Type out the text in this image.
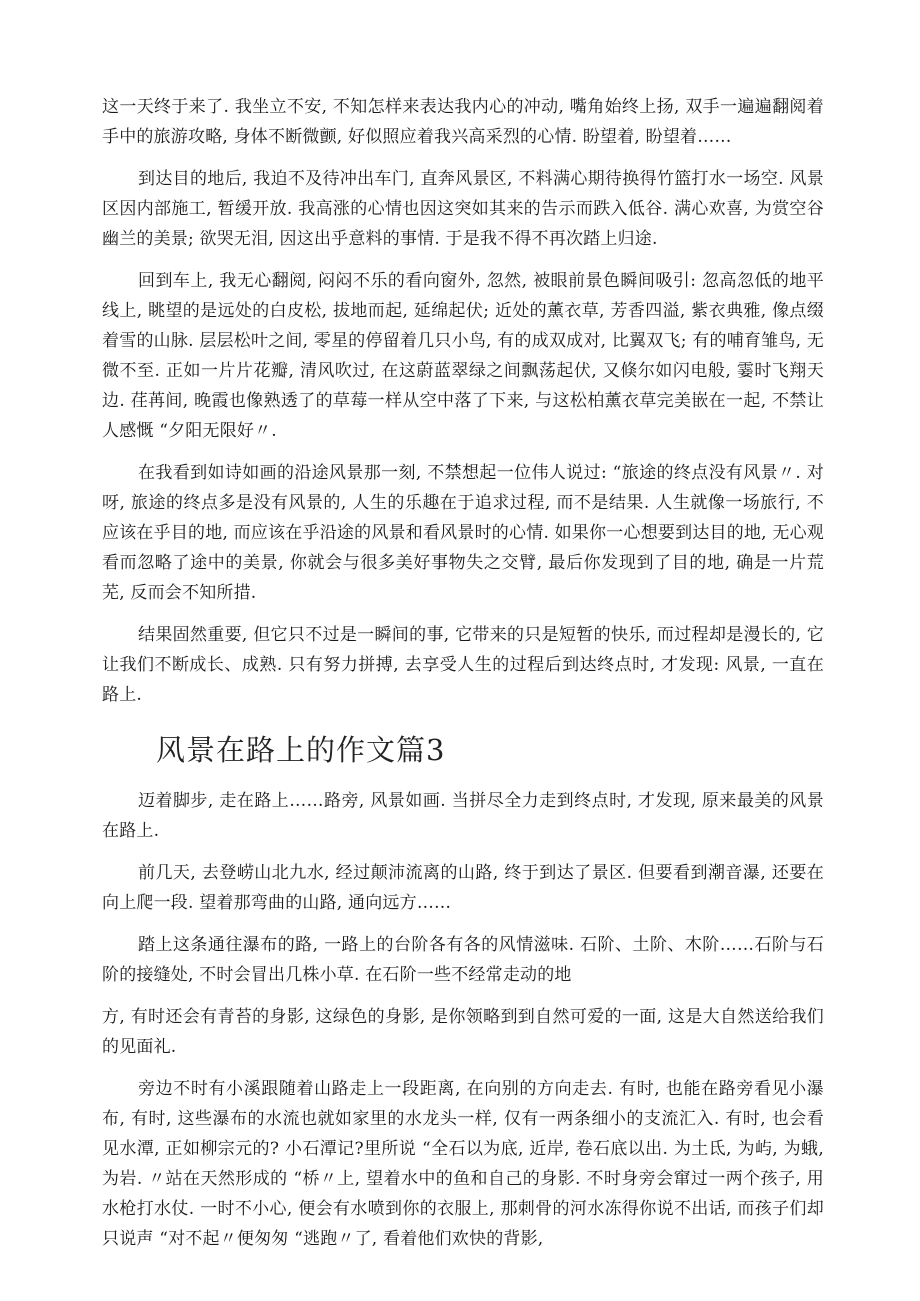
这一天终于来了. 我坐立不安, 不知怎样来表达我内心的冲动, 嘴角始终上扬, 双手一遍遍翻阅着手中的旅游攻略, 身体不断微颤, 好似照应着我兴高采烈的心情. 盼望着, 盼望着……

到达目的地后, 我迫不及待冲出车门, 直奔风景区, 不料满心期待换得竹篮打水一场空. 风景区因内部施工, 暂缓开放. 我高涨的心情也因这突如其来的告示而跌入低谷. 满心欢喜, 为赏空谷幽兰的美景; 欲哭无泪, 因这出乎意料的事情. 于是我不得不再次踏上归途.

回到车上, 我无心翻阅, 闷闷不乐的看向窗外, 忽然, 被眼前景色瞬间吸引: 忽高忽低的地平线上, 眺望的是远处的白皮松, 拔地而起, 延绵起伏; 近处的薰衣草, 芳香四溢, 紫衣典雅, 像点缀着雪的山脉. 层层松叶之间, 零星的停留着几只小鸟, 有的成双成对, 比翼双飞; 有的哺育雏鸟, 无微不至. 正如一片片花瓣, 清风吹过, 在这蔚蓝翠绿之间飘荡起伏, 又倏尔如闪电般, 霎时飞翔天边. 荏苒间, 晚霞也像熟透了的草莓一样从空中落了下来, 与这松柏薰衣草完美嵌在一起, 不禁让人感慨 “夕阳无限好〃.

在我看到如诗如画的沿途风景那一刻, 不禁想起一位伟人说过: “旅途的终点没有风景〃. 对呀, 旅途的终点多是没有风景的, 人生的乐趣在于追求过程, 而不是结果. 人生就像一场旅行, 不应该在乎目的地, 而应该在乎沿途的风景和看风景时的心情. 如果你一心想要到达目的地, 无心观看而忽略了途中的美景, 你就会与很多美好事物失之交臂, 最后你发现到了目的地, 确是一片荒芜, 反而会不知所措.

结果固然重要, 但它只不过是一瞬间的事, 它带来的只是短暂的快乐, 而过程却是漫长的, 它让我们不断成长、成熟. 只有努力拼搏, 去享受人生的过程后到达终点时, 才发现: 风景, 一直在路上.

风景在路上的作文篇3

迈着脚步, 走在路上……路旁, 风景如画. 当拼尽全力走到终点时, 才发现, 原来最美的风景在路上.

前几天, 去登崂山北九水, 经过颠沛流离的山路, 终于到达了景区. 但要看到潮音瀑, 还要在向上爬一段. 望着那弯曲的山路, 通向远方……

踏上这条通往瀑布的路, 一路上的台阶各有各的风情滋味. 石阶、土阶、木阶……石阶与石阶的接缝处, 不时会冒出几株小草. 在石阶一些不经常走动的地

方, 有时还会有青苔的身影, 这绿色的身影, 是你领略到到自然可爱的一面, 这是大自然送给我们的见面礼.

旁边不时有小溪跟随着山路走上一段距离, 在向别的方向走去. 有时, 也能在路旁看见小瀑布, 有时, 这些瀑布的水流也就如家里的水龙头一样, 仅有一两条细小的支流汇入. 有时, 也会看见水潭, 正如柳宗元的? 小石潭记?里所说 “全石以为底, 近岸, 卷石底以出. 为土氐, 为屿, 为蛾, 为岩. 〃站在天然形成的 “桥〃上, 望着水中的鱼和自己的身影. 不时身旁会窜过一两个孩子, 用水枪打水仗. 一时不小心, 便会有水喷到你的衣服上, 那刺骨的河水冻得你说不出话, 而孩子们却只说声 “对不起〃便匆匆 “逃跑〃了, 看着他们欢快的背影,
